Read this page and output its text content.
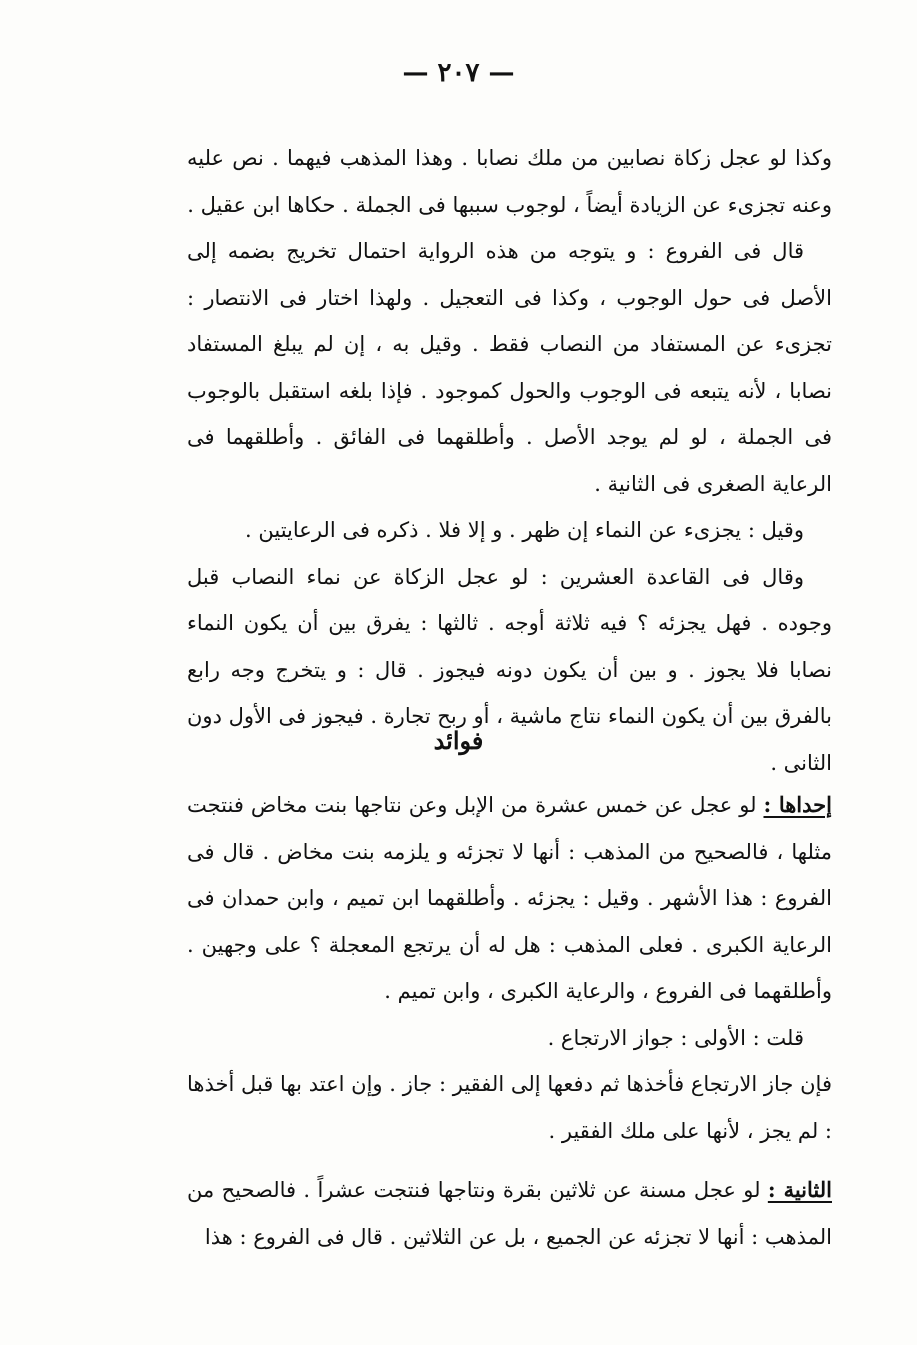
— ٢٠٧ —

وكذا لو عجل زكاة نصابين من ملك نصابا . وهذا المذهب فيهما . نص عليه وعنه تجزىء عن الزيادة أيضاً ، لوجوب سببها فى الجملة . حكاها ابن عقيل .

قال فى الفروع : و يتوجه من هذه الرواية احتمال تخريج بضمه إلى الأصل فى حول الوجوب ، وكذا فى التعجيل . ولهذا اختار فى الانتصار : تجزىء عن المستفاد من النصاب فقط . وقيل به ، إن لم يبلغ المستفاد نصابا ، لأنه يتبعه فى الوجوب والحول كموجود . فإذا بلغه استقبل بالوجوب فى الجملة ، لو لم يوجد الأصل . وأطلقهما فى الفائق . وأطلقهما فى الرعاية الصغرى فى الثانية .

وقيل : يجزىء عن النماء إن ظهر . و إلا فلا . ذكره فى الرعايتين .

وقال فى القاعدة العشرين : لو عجل الزكاة عن نماء النصاب قبل وجوده . فهل يجزئه ؟ فيه ثلاثة أوجه . ثالثها : يفرق بين أن يكون النماء نصابا فلا يجوز . و بين أن يكون دونه فيجوز . قال : و يتخرج وجه رابع بالفرق بين أن يكون النماء نتاج ماشية ، أو ربح تجارة . فيجوز فى الأول دون الثانى .

فوائد

إحداها : لو عجل عن خمس عشرة من الإبل وعن نتاجها بنت مخاض فنتجت مثلها ، فالصحيح من المذهب : أنها لا تجزئه و يلزمه بنت مخاض . قال فى الفروع : هذا الأشهر . وقيل : يجزئه . وأطلقهما ابن تميم ، وابن حمدان فى الرعاية الكبرى . فعلى المذهب : هل له أن يرتجع المعجلة ؟ على وجهين . وأطلقهما فى الفروع ، والرعاية الكبرى ، وابن تميم .

قلت : الأولى : جواز الارتجاع .

فإن جاز الارتجاع فأخذها ثم دفعها إلى الفقير : جاز . وإن اعتد بها قبل أخذها : لم يجز ، لأنها على ملك الفقير .

الثانية : لو عجل مسنة عن ثلاثين بقرة ونتاجها فنتجت عشراً . فالصحيح من المذهب : أنها لا تجزئه عن الجميع ، بل عن الثلاثين . قال فى الفروع : هذا
